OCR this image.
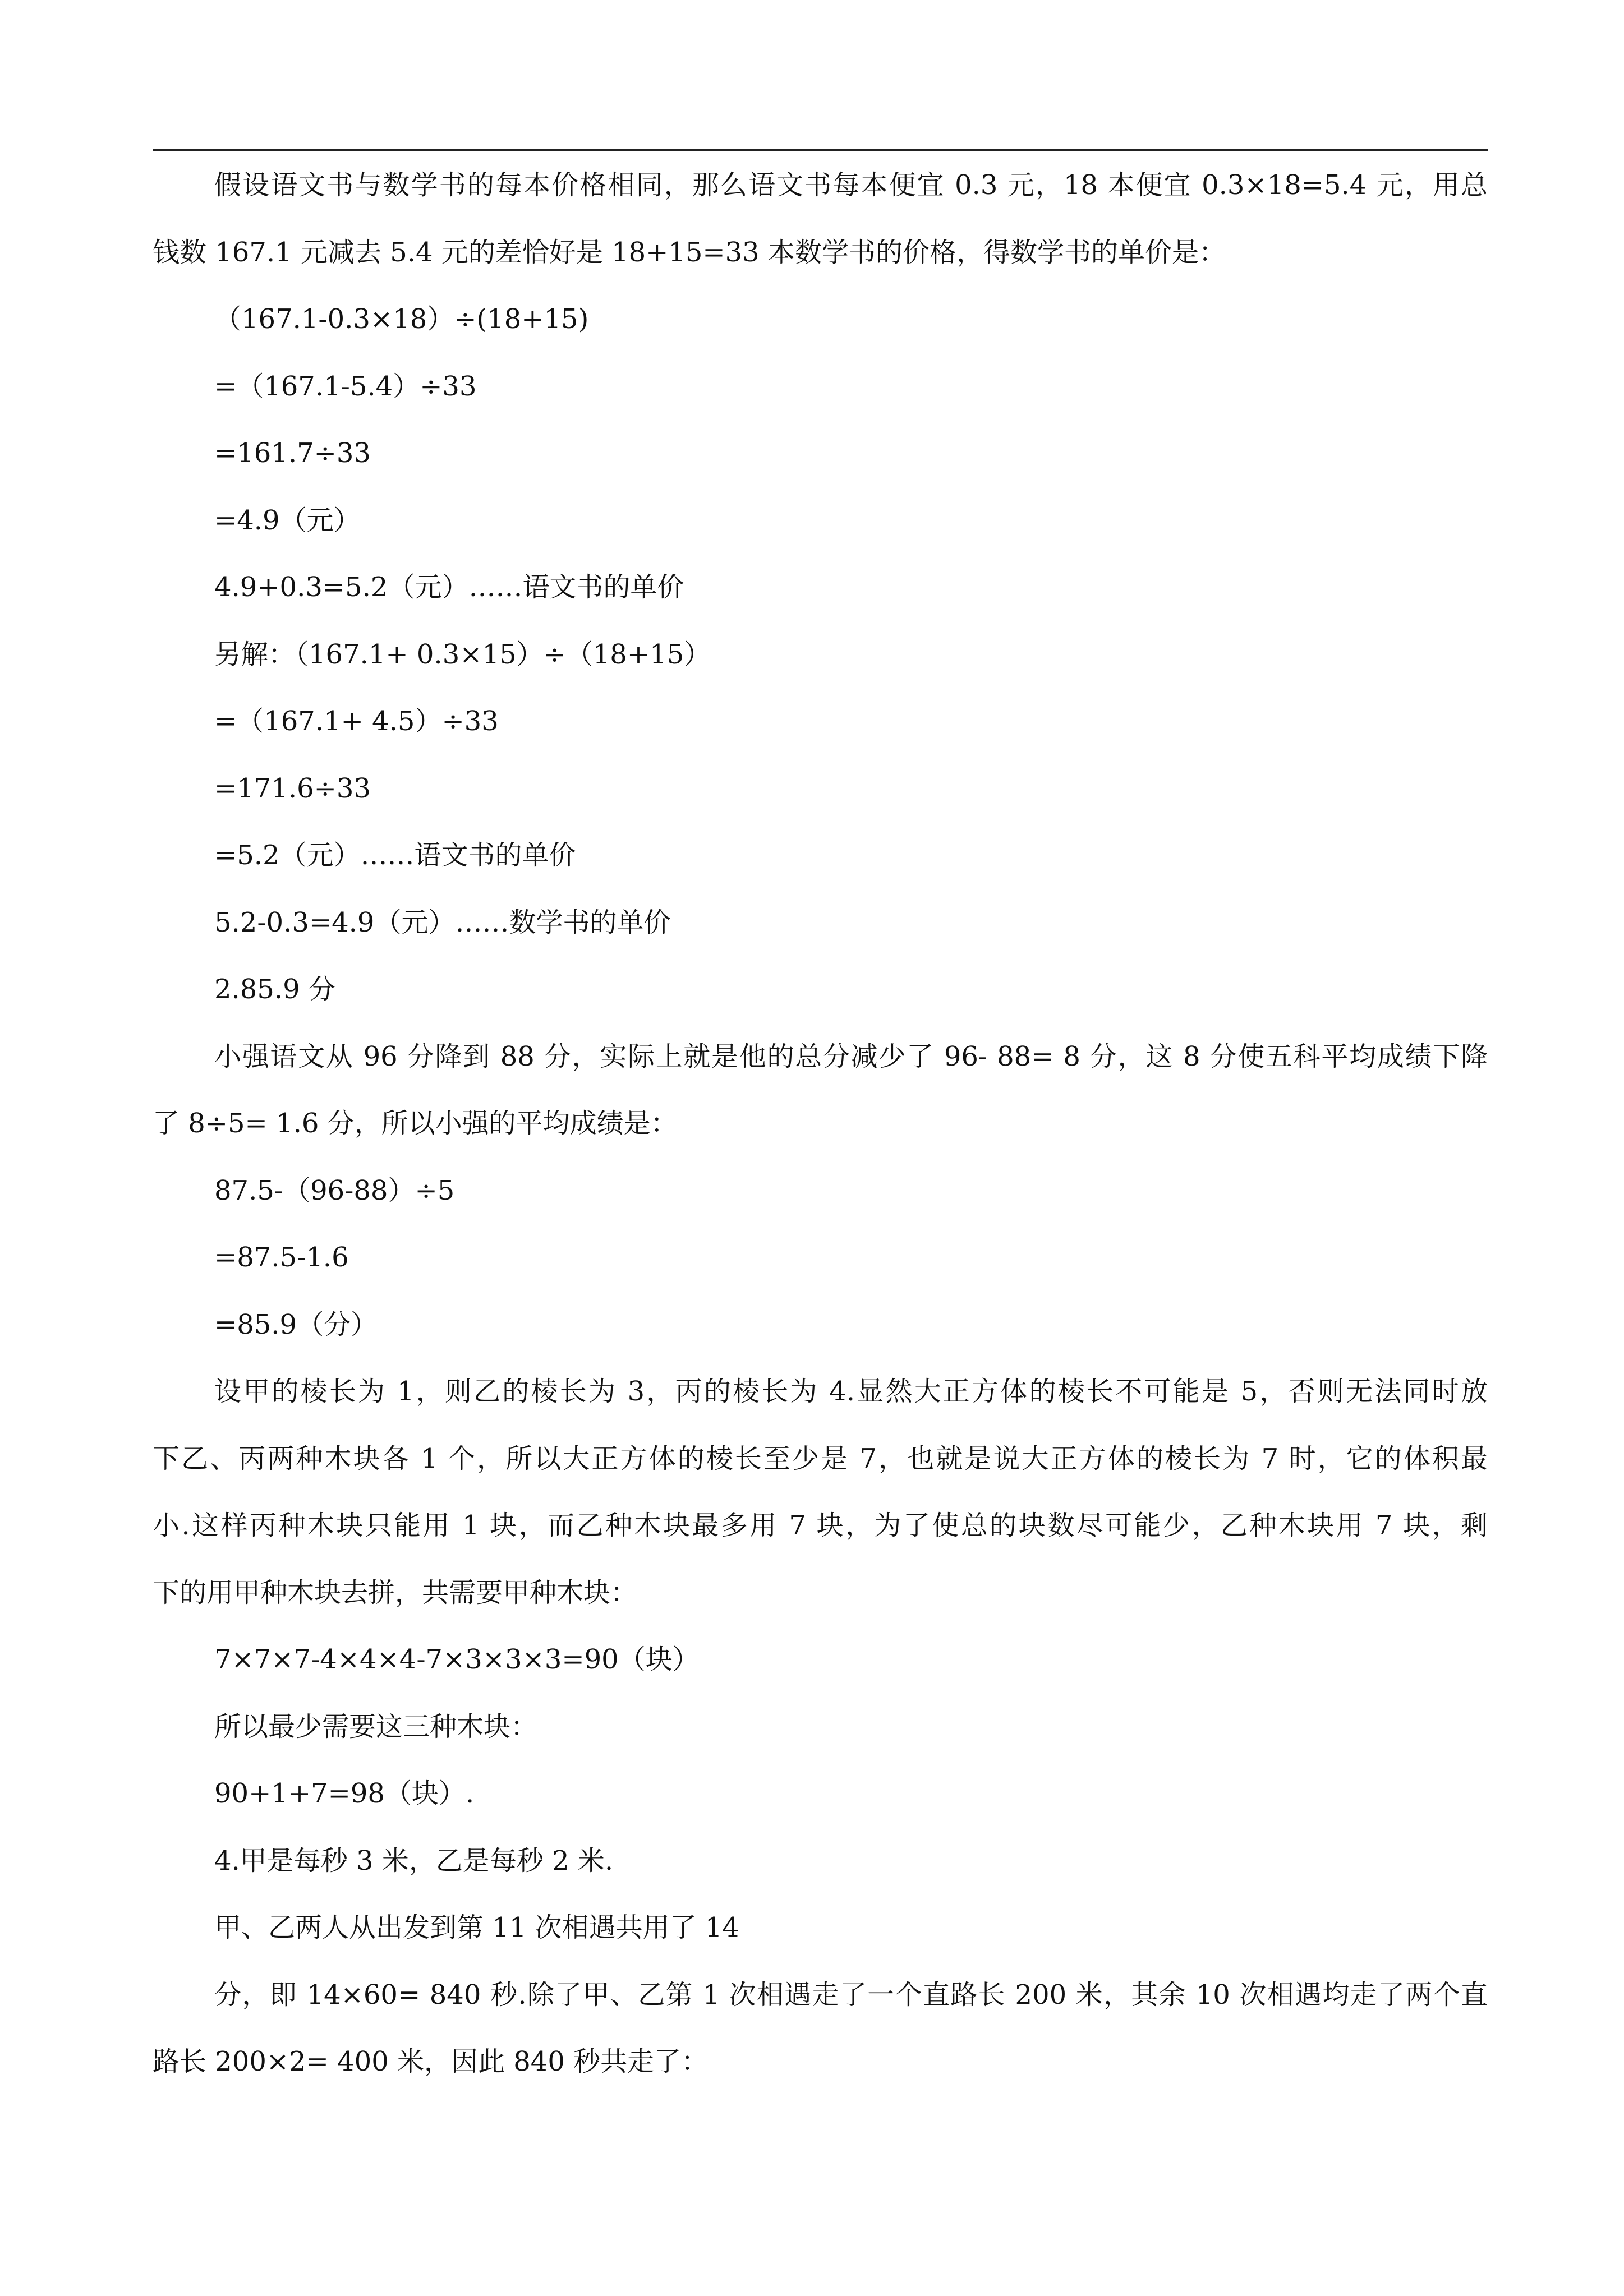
假设语文书与数学书的每本价格相同，那么语文书每本便宜 0.3 元，18 本便宜 0.3×18=5.4 元，用总
钱数 167.1 元减去 5.4 元的差恰好是 18+15=33 本数学书的价格，得数学书的单价是：
（167.1-0.3×18）÷(18+15)
=（167.1-5.4）÷33
=161.7÷33
=4.9（元）
4.9+0.3=5.2（元）……语文书的单价
另解：（167.1+ 0.3×15）÷（18+15）
=（167.1+ 4.5）÷33
=171.6÷33
=5.2（元）……语文书的单价
5.2-0.3=4.9（元）……数学书的单价
2.85.9 分
小强语文从 96 分降到 88 分，实际上就是他的总分减少了 96- 88= 8 分，这 8 分使五科平均成绩下降
了 8÷5= 1.6 分，所以小强的平均成绩是：
87.5-（96-88）÷5
=87.5-1.6
=85.9（分）
设甲的棱长为 1，则乙的棱长为 3，丙的棱长为 4.显然大正方体的棱长不可能是 5，否则无法同时放
下乙、丙两种木块各 1 个，所以大正方体的棱长至少是 7，也就是说大正方体的棱长为 7 时，它的体积最
小.这样丙种木块只能用 1 块，而乙种木块最多用 7 块，为了使总的块数尽可能少，乙种木块用 7 块，剩
下的用甲种木块去拼，共需要甲种木块：
7×7×7-4×4×4-7×3×3×3=90（块）
所以最少需要这三种木块：
90+1+7=98（块）.
4.甲是每秒 3 米，乙是每秒 2 米.
甲、乙两人从出发到第 11 次相遇共用了 14
分，即 14×60= 840 秒.除了甲、乙第 1 次相遇走了一个直路长 200 米，其余 10 次相遇均走了两个直
路长 200×2= 400 米，因此 840 秒共走了：
